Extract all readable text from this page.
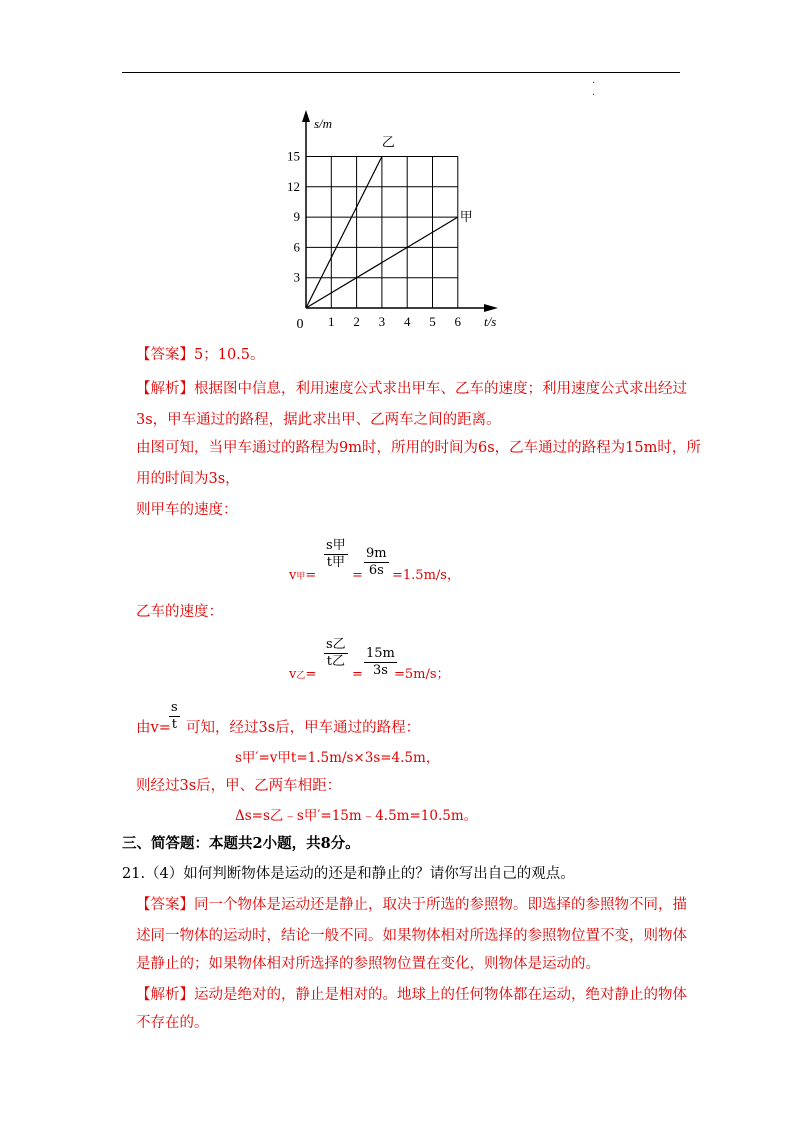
·
·
乙
甲
1 2 3 4 5 6
3
6
9
12
15
s/m
t/s
0
【答案】5；10.5。
【解析】根据图中信息，利用速度公式求出甲车、乙车的速度；利用速度公式求出经过
3s，甲车通过的路程，据此求出甲、乙两车之间的距离。
由图可知，当甲车通过的路程为9m时，所用的时间为6s，乙车通过的路程为15m时，所
用的时间为3s，
则甲车的速度：
v甲=
s甲
t甲
= $\frac{9m}{6s} =1.5m/s$，
乙车的速度：
v乙=
s乙
t乙
= $\frac{15m}{3s}$
=5m/s；
由v=
$\frac{s}{t}$ 可知，经过3s后，甲车通过的路程：
s甲′=v甲t=1.5m/s×3s=4.5m，
则经过3s后，甲、乙两车相距：
Δs=s乙﹣s甲′=15m﹣4.5m=10.5m。
三、简答题：本题共2小题，共8分。
21.（4）如何判断物体是运动的还是和静止的？请你写出自己的观点。
【答案】同一个物体是运动还是静止，取决于所选的参照物。即选择的参照物不同，描
述同一物体的运动时，结论一般不同。如果物体相对所选择的参照物位置不变，则物体
是静止的；如果物体相对所选择的参照物位置在变化，则物体是运动的。
【解析】运动是绝对的，静止是相对的。地球上的任何物体都在运动，绝对静止的物体
不存在的。
